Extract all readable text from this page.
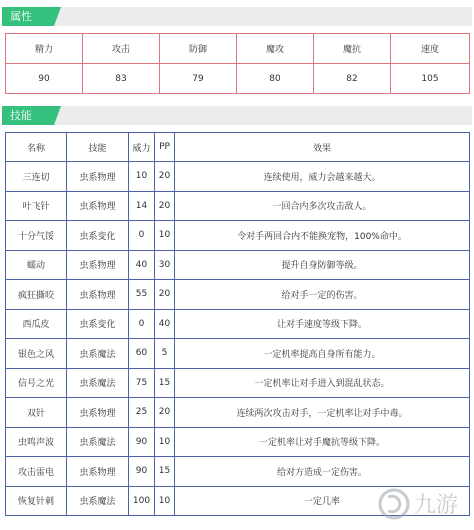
属性
精力	攻击	防御	魔攻	魔抗	速度
90	83	79	80	82	105
技能
名称	技能	威力	PP	效果
三连切	虫系物理	10	20	连续使用，威力会越来越大。
叶飞针	虫系物理	14	20	一回合内多次攻击敌人。
十分气馁	虫系变化	0	10	令对手两回合内不能换宠物，100%命中。
蠕动	虫系物理	40	30	提升自身防御等级。
疯狂撕咬	虫系物理	55	20	给对手一定的伤害。
西瓜皮	虫系变化	0	40	让对手速度等级下降。
银色之风	虫系魔法	60	5	一定机率提高自身所有能力。
信号之光	虫系魔法	75	15	一定机率让对手进入到混乱状态。
双针	虫系物理	25	20	连续两次攻击对手，一定机率让对手中毒。
虫鸣声波	虫系魔法	90	10	一定机率让对手魔抗等级下降。
攻击雷电	虫系物理	90	15	给对方造成一定伤害。
恢复针刺	虫系魔法	100	10	一定几率	九游
